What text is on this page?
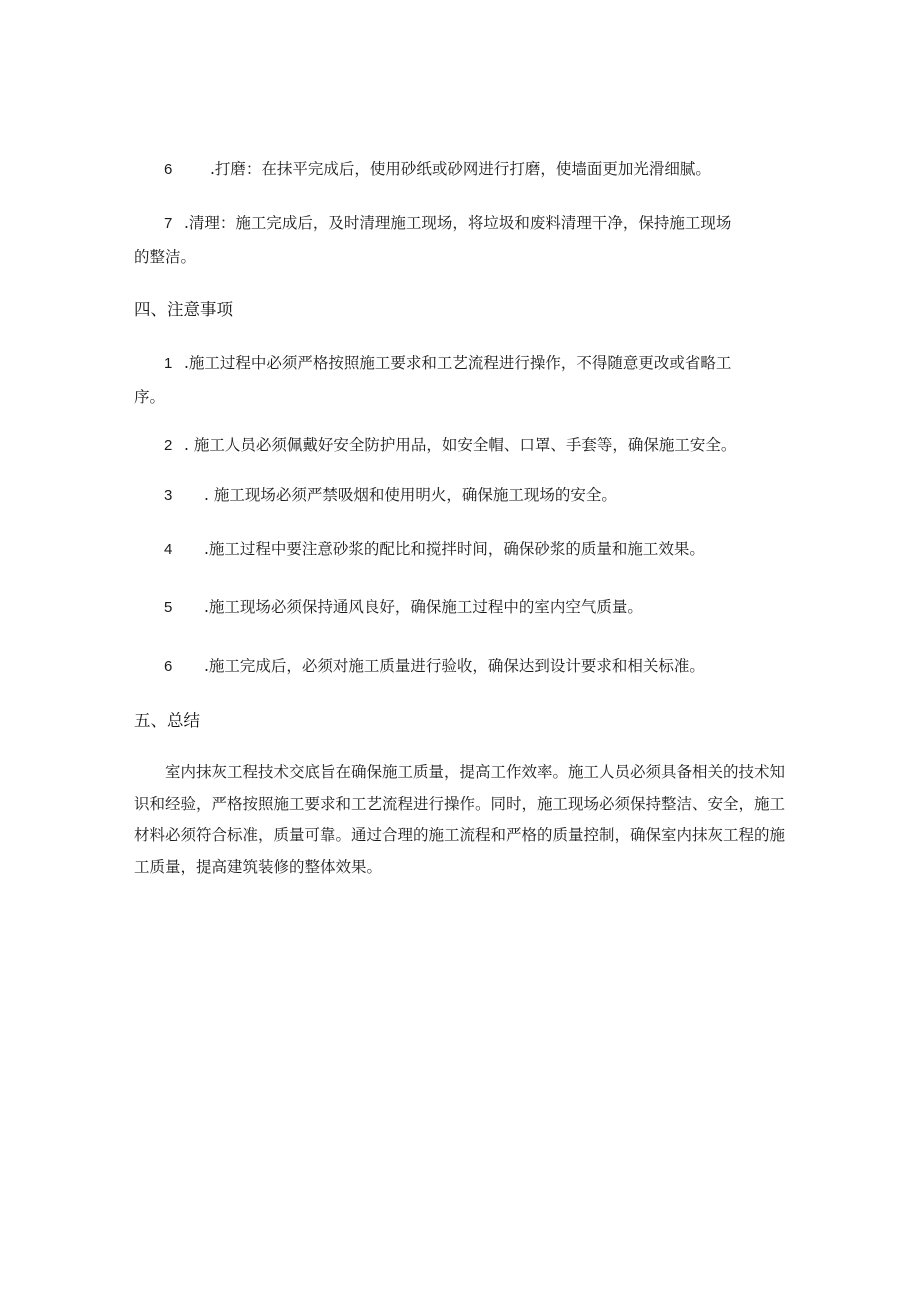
6 .打磨：在抹平完成后，使用砂纸或砂网进行打磨，使墙面更加光滑细腻。
7 .清理：施工完成后，及时清理施工现场，将垃圾和废料清理干净，保持施工现场
的整洁。
四、注意事项
1 .施工过程中必须严格按照施工要求和工艺流程进行操作，不得随意更改或省略工
序。
2 . 施工人员必须佩戴好安全防护用品，如安全帽、口罩、手套等，确保施工安全。
3 . 施工现场必须严禁吸烟和使用明火，确保施工现场的安全。
4 .施工过程中要注意砂浆的配比和搅拌时间，确保砂浆的质量和施工效果。
5 .施工现场必须保持通风良好，确保施工过程中的室内空气质量。
6 .施工完成后，必须对施工质量进行验收，确保达到设计要求和相关标准。
五、总结
室内抹灰工程技术交底旨在确保施工质量，提高工作效率。施工人员必须具备相关的技术知识和经验，严格按照施工要求和工艺流程进行操作。同时，施工现场必须保持整洁、安全，施工材料必须符合标准，质量可靠。通过合理的施工流程和严格的质量控制，确保室内抹灰工程的施工质量，提高建筑装修的整体效果。
